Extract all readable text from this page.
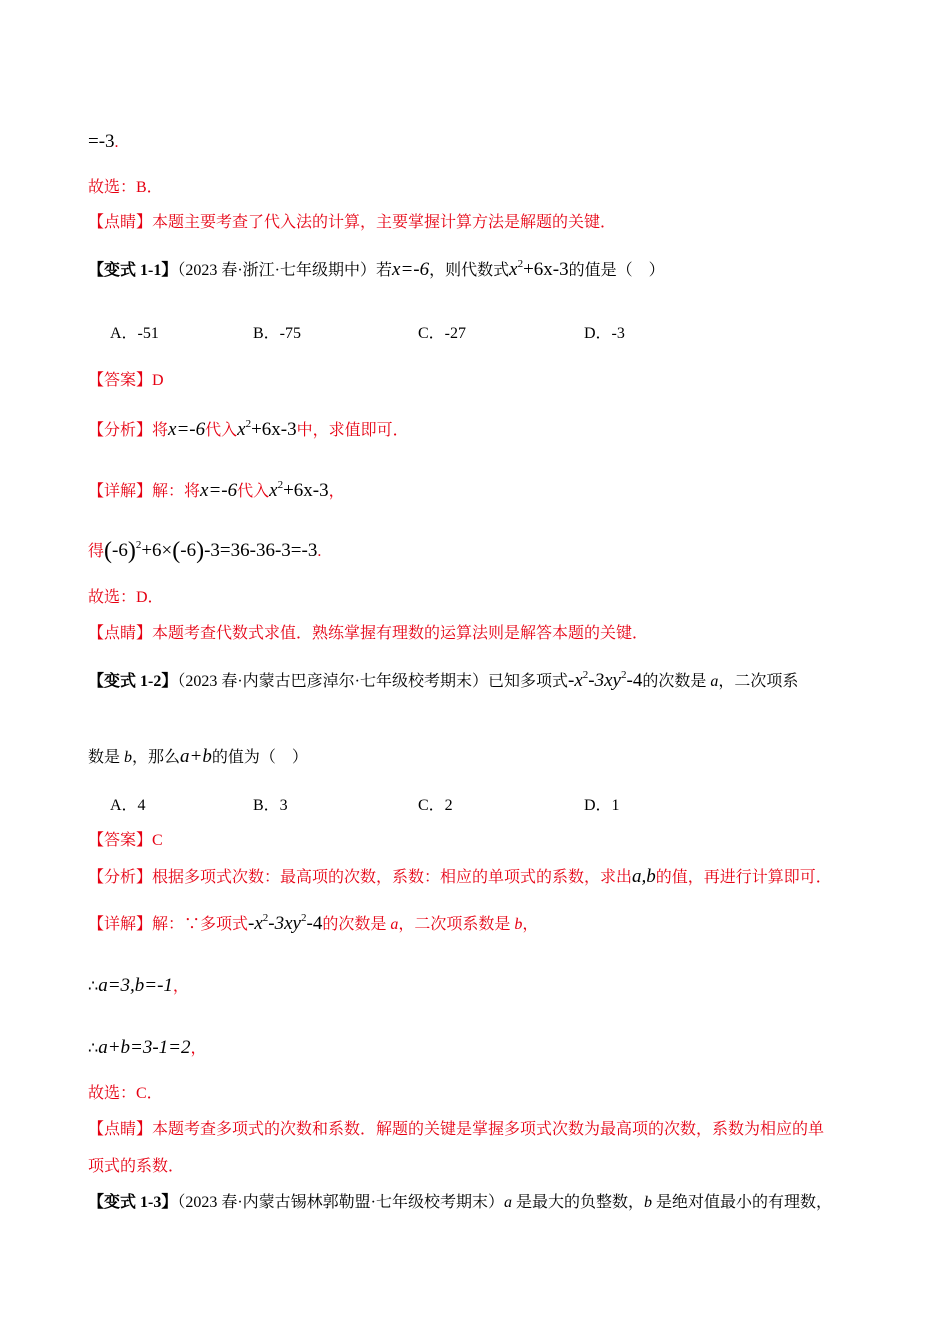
=-3.
故选：B．
【点睛】本题主要考查了代入法的计算，主要掌握计算方法是解题的关键．
【变式 1-1】（2023 春·浙江·七年级期中）若x=-6，则代数式$x^2+6x-3$的值是（　）
A．-51	B．-75	C．-27	D．-3
【答案】D
【分析】将x=-6代入$x^2+6x-3$中，求值即可．
【详解】解：将x=-6代入$x^2+6x-3$，
得$(-6)^2+6\times(-6)-3=36-36-3=-3$.
故选：D．
【点睛】本题考查代数式求值．熟练掌握有理数的运算法则是解答本题的关键．
【变式 1-2】（2023 春·内蒙古巴彦淖尔·七年级校考期末）已知多项式$-x^2-3xy^2-4$的次数是 a，二次项系
数是 b，那么a+b的值为（　）
A．4	B．3	C．2	D．1
【答案】C
【分析】根据多项式次数：最高项的次数，系数：相应的单项式的系数，求出a,b的值，再进行计算即可．
【详解】解：∵多项式$-x^2-3xy^2-4$的次数是 a，二次项系数是 b，
∴a=3,b=-1，
∴a+b=3-1=2，
故选：C．
【点睛】本题考查多项式的次数和系数．解题的关键是掌握多项式次数为最高项的次数，系数为相应的单
项式的系数．
【变式 1-3】（2023 春·内蒙古锡林郭勒盟·七年级校考期末）a 是最大的负整数，b 是绝对值最小的有理数，
